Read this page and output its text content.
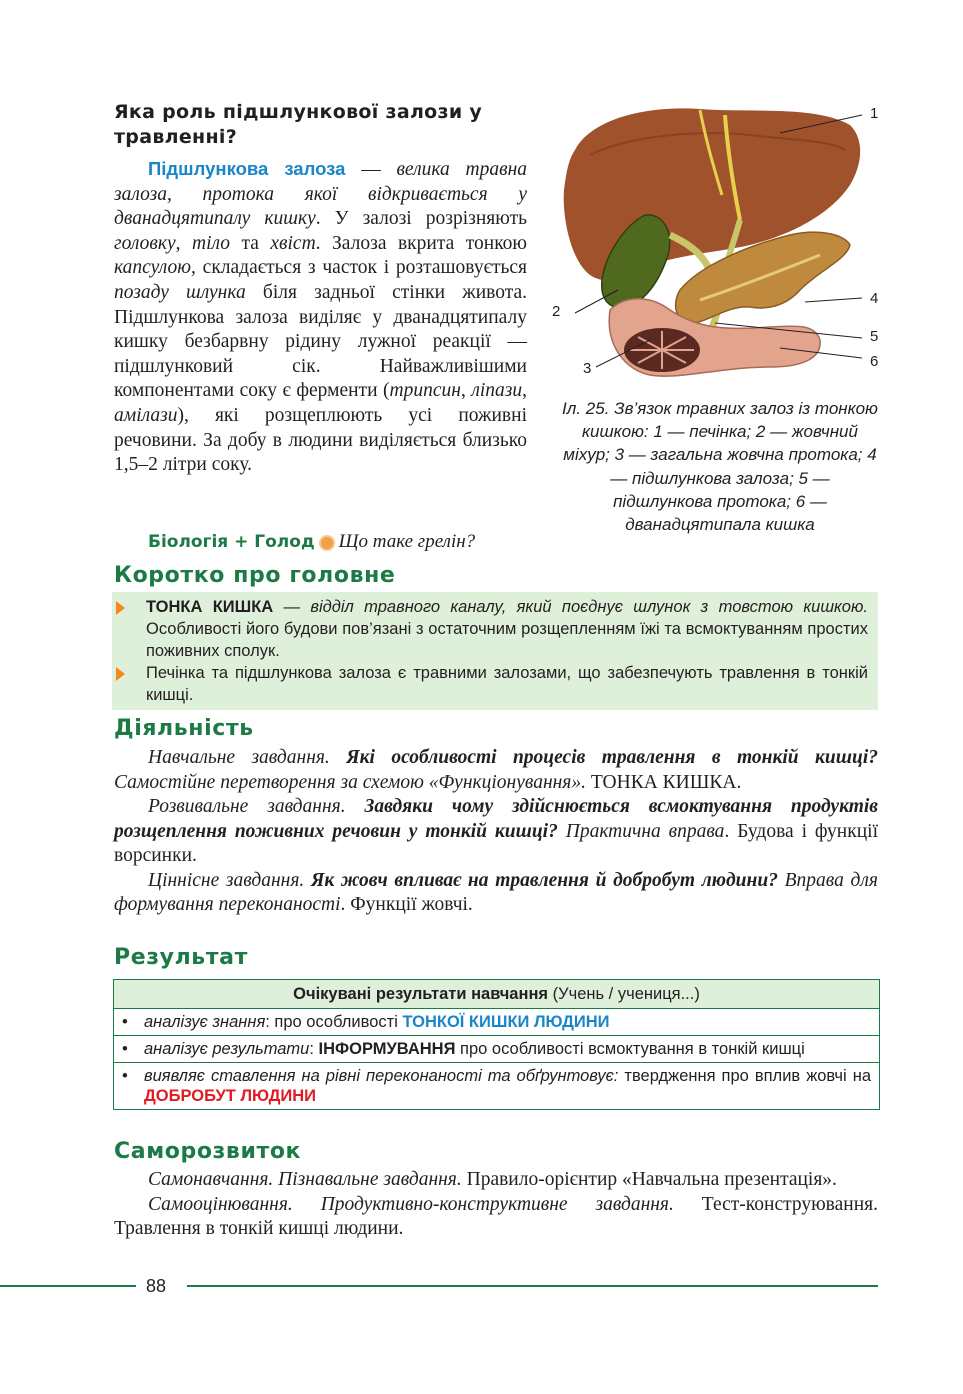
Яка роль підшлункової залози у травленні?

Підшлункова залоза — велика травна залоза, протока якої відкривається у дванадцятипалу кишку. У залозі розрізняють головку, тіло та хвіст. Залоза вкрита тонкою капсулою, складається з часток і розташовується позаду шлунка біля задньої стінки живота. Підшлункова залоза виділяє у дванадцятипалу кишку безбарвну рідину лужної реакції — підшлунковий сік. Найважливішими компонентами соку є ферменти (трипсин, ліпази, амілази), які розщеплюють усі поживні речовини. За добу в людини виділяється близько 1,5–2 літри соку.

Біологія + Голод Що таке грелін?
1
2
3
4
5
6
Іл. 25. Зв’язок травних залоз із тонкою кишкою: 1 — печінка; 2 — жовчний міхур; 3 — загальна жовчна протока; 4 — підшлункова залоза; 5 — підшлункова протока; 6 — дванадцятипала кишка
Коротко про головне
ТОНКА КИШКА — відділ травного каналу, який поєднує шлунок з товстою кишкою. Особливості його будови пов’язані з остаточним розщепленням їжі та всмоктуванням простих поживних сполук.
Печінка та підшлункова залоза є травними залозами, що забезпечують травлення в тонкій кишці.
Діяльність

Навчальне завдання. Які особливості процесів травлення в тонкій кишці? Самостійне перетворення за схемою «Функціонування». ТОНКА КИШКА.

Розвивальне завдання. Завдяки чому здійснюється всмоктування продуктів розщеплення поживних речовин у тонкій кишці? Практична вправа. Будова і функції ворсинки.

Ціннісне завдання. Як жовч впливає на травлення й добробут людини? Вправа для формування переконаності. Функції жовчі.

Результат
Очікувані результати навчання (Учень / учениця...)
• аналізує знання: про особливості ТОНКОЇ КИШКИ ЛЮДИНИ
• аналізує результати: ІНФОРМУВАННЯ про особливості всмоктування в тонкій кишці
• виявляє ставлення на рівні переконаності та обґрунтовує: твердження про вплив жовчі на ДОБРОБУТ ЛЮДИНИ
Саморозвиток

Самонавчання. Пізнавальне завдання. Правило-орієнтир «Навчальна презентація».

Самооцінювання. Продуктивно-конструктивне завдання. Тест-конструювання. Травлення в тонкій кишці людини.

88
